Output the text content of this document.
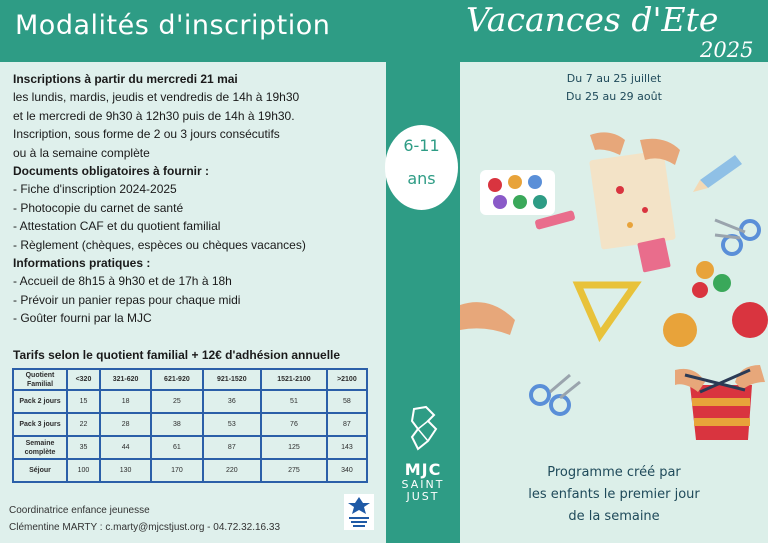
Modalités d'inscription
Inscriptions à partir du mercredi 21 mai
les lundis, mardis, jeudis et vendredis de 14h à 19h30
et le mercredi de 9h30 à 12h30 puis de 14h à 19h30.
Inscription, sous forme de 2 ou 3 jours consécutifs
ou à la semaine complète
Documents obligatoires à fournir :
- Fiche d'inscription 2024-2025
- Photocopie du carnet de santé
- Attestation CAF et du quotient familial
- Règlement (chèques, espèces ou chèques vacances)
Informations pratiques :
- Accueil de 8h15 à 9h30 et de 17h à 18h
- Prévoir un panier repas pour chaque midi
- Goûter fourni par la MJC
Tarifs selon le quotient familial + 12€ d'adhésion annuelle
Quotient Familial	<320	321-620	621-920	921-1520	1521-2100	>2100
Pack 2 jours	15	18	25	36	51	58
Pack 3 jours	22	28	38	53	76	87
Semaine complète	35	44	61	87	125	143
Séjour	100	130	170	220	275	340
Coordinatrice enfance jeunesse
Clémentine MARTY : c.marty@mjcstjust.org - 04.72.32.16.33
6-11
ans
MJC
SAINT
JUST
Vacances d'Ete
2025
Du 7 au 25 juillet
Du 25 au 29 août
Programme créé par
les enfants le premier jour
de la semaine
